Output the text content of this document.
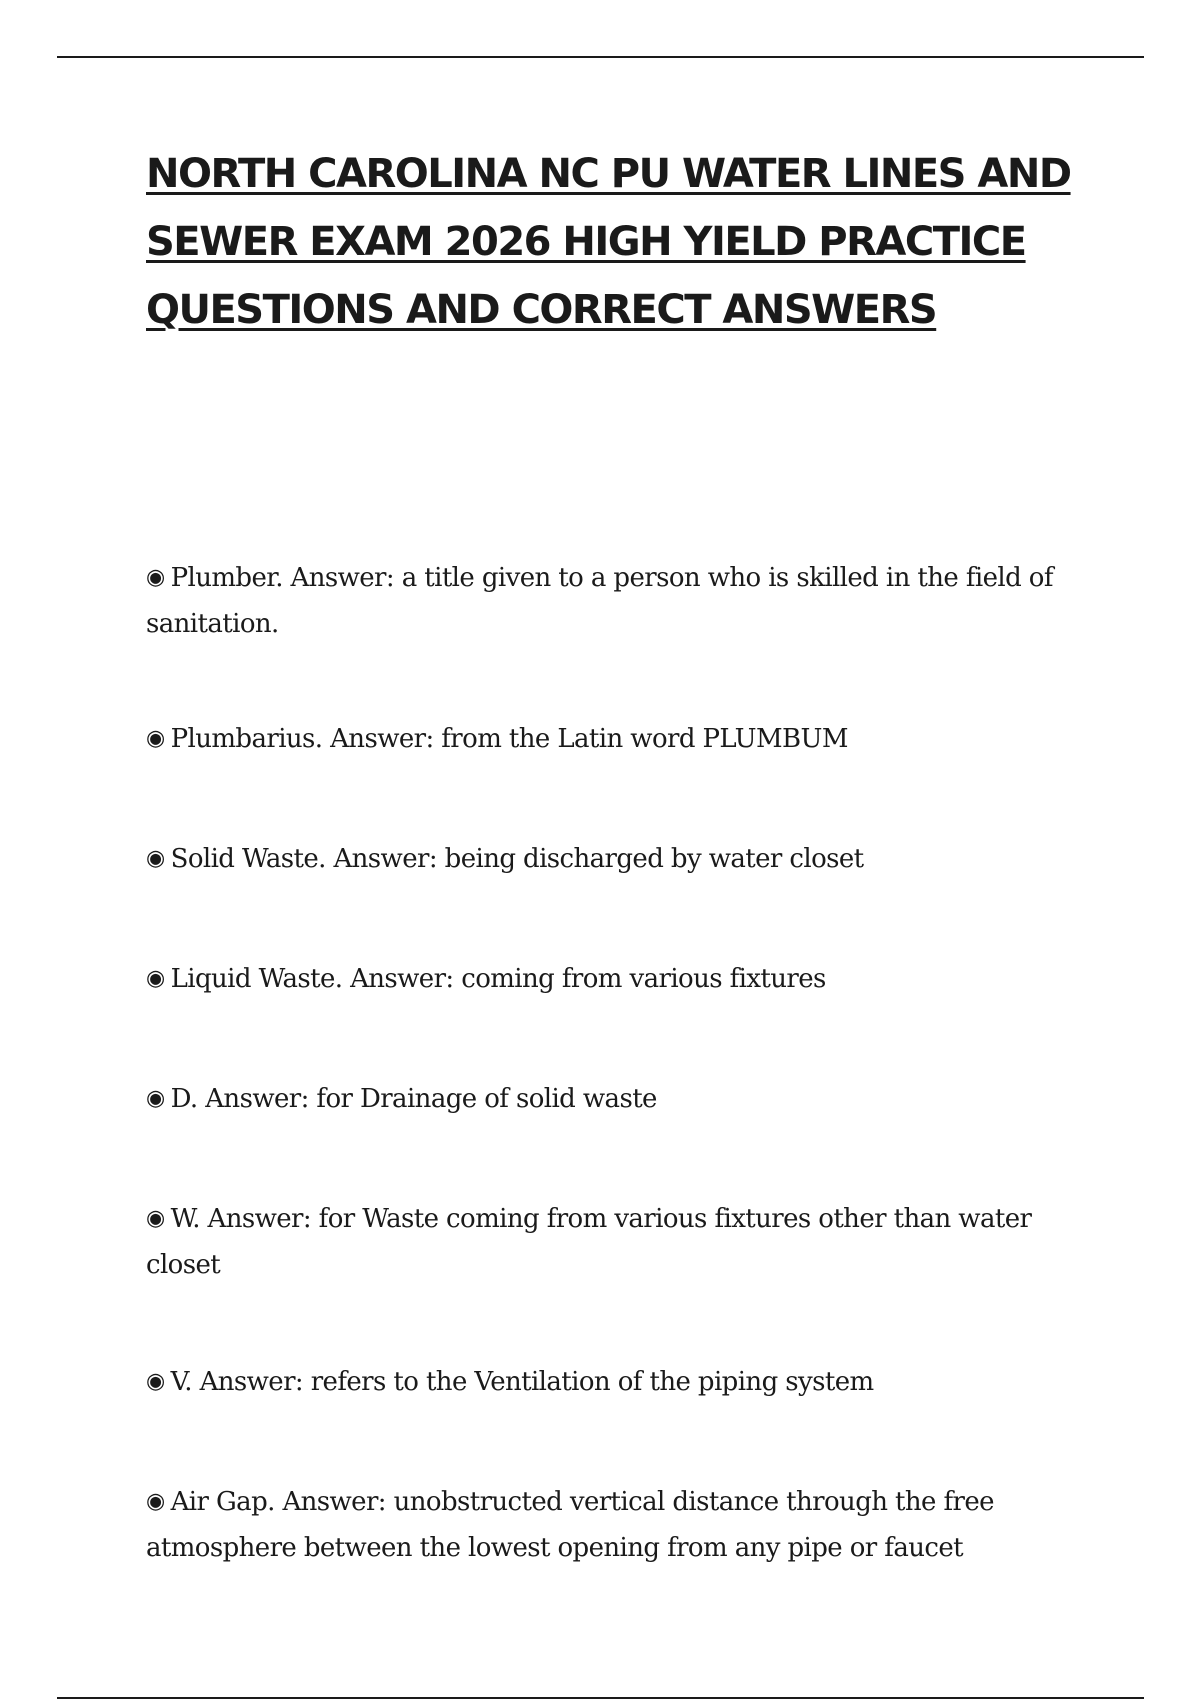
NORTH CAROLINA NC PU WATER LINES AND SEWER EXAM 2026 HIGH YIELD PRACTICE QUESTIONS AND CORRECT ANSWERS
◉ Plumber. Answer: a title given to a person who is skilled in the field of sanitation.
◉ Plumbarius. Answer: from the Latin word PLUMBUM
◉ Solid Waste. Answer: being discharged by water closet
◉ Liquid Waste. Answer: coming from various fixtures
◉ D. Answer: for Drainage of solid waste
◉ W. Answer: for Waste coming from various fixtures other than water closet
◉ V. Answer: refers to the Ventilation of the piping system
◉ Air Gap. Answer: unobstructed vertical distance through the free atmosphere between the lowest opening from any pipe or faucet
